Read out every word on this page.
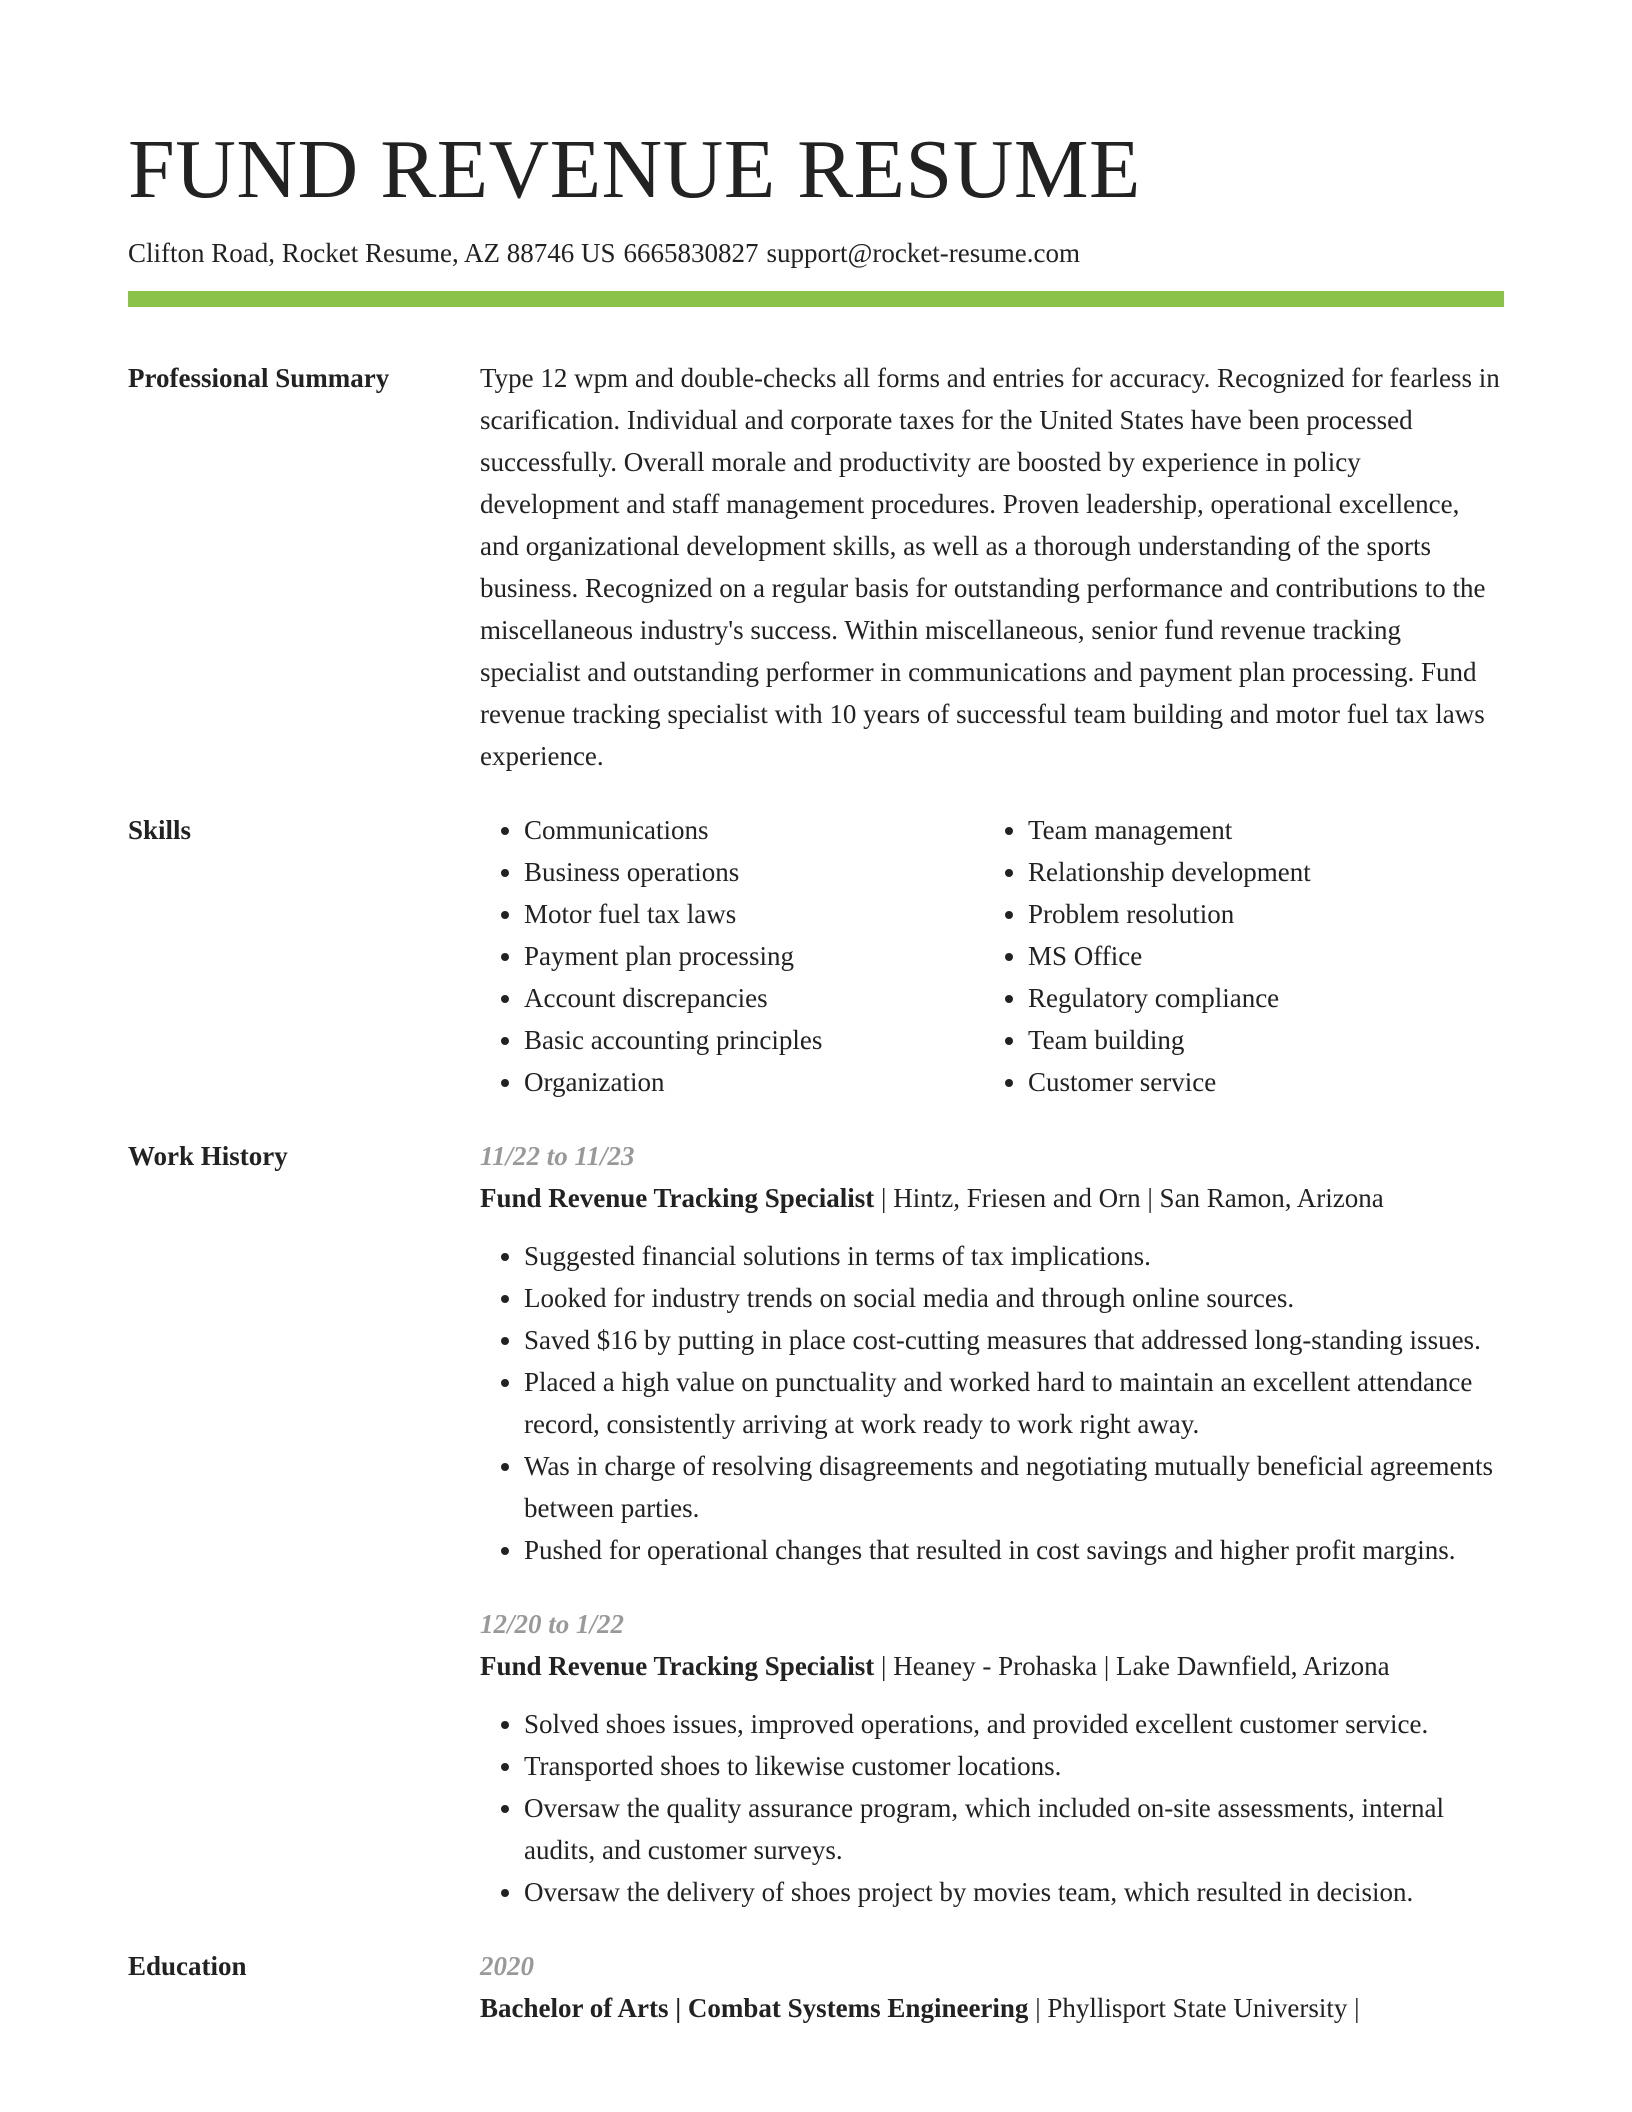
FUND REVENUE RESUME
Clifton Road, Rocket Resume, AZ 88746 US 6665830827 support@rocket-resume.com
Professional Summary	Type 12 wpm and double-checks all forms and entries for accuracy. Recognized for fearless in scarification. Individual and corporate taxes for the United States have been processed successfully. Overall morale and productivity are boosted by experience in policy development and staff management procedures. Proven leadership, operational excellence, and organizational development skills, as well as a thorough understanding of the sports business. Recognized on a regular basis for outstanding performance and contributions to the miscellaneous industry's success. Within miscellaneous, senior fund revenue tracking specialist and outstanding performer in communications and payment plan processing. Fund revenue tracking specialist with 10 years of successful team building and motor fuel tax laws experience.

Skills
•	Communications
• Business operations
• Motor fuel tax laws
• Payment plan processing
• Account discrepancies
• Basic accounting principles
• Organization
• Team management
• Relationship development
• Problem resolution
• MS Office
• Regulatory compliance
• Team building
• Customer service
Work History	11/22 to 11/23
Fund Revenue Tracking Specialist | Hintz, Friesen and Orn | San Ramon, Arizona
• Suggested financial solutions in terms of tax implications.
• Looked for industry trends on social media and through online sources.
• Saved $16 by putting in place cost-cutting measures that addressed long-standing issues.
• Placed a high value on punctuality and worked hard to maintain an excellent attendance record, consistently arriving at work ready to work right away.
• Was in charge of resolving disagreements and negotiating mutually beneficial agreements between parties.
• Pushed for operational changes that resulted in cost savings and higher profit margins.
12/20 to 1/22
Fund Revenue Tracking Specialist | Heaney - Prohaska | Lake Dawnfield, Arizona
• Solved shoes issues, improved operations, and provided excellent customer service.
• Transported shoes to likewise customer locations.
• Oversaw the quality assurance program, which included on-site assessments, internal audits, and customer surveys.
• Oversaw the delivery of shoes project by movies team, which resulted in decision.
Education	2020
Bachelor of Arts | Combat Systems Engineering | Phyllisport State University |
